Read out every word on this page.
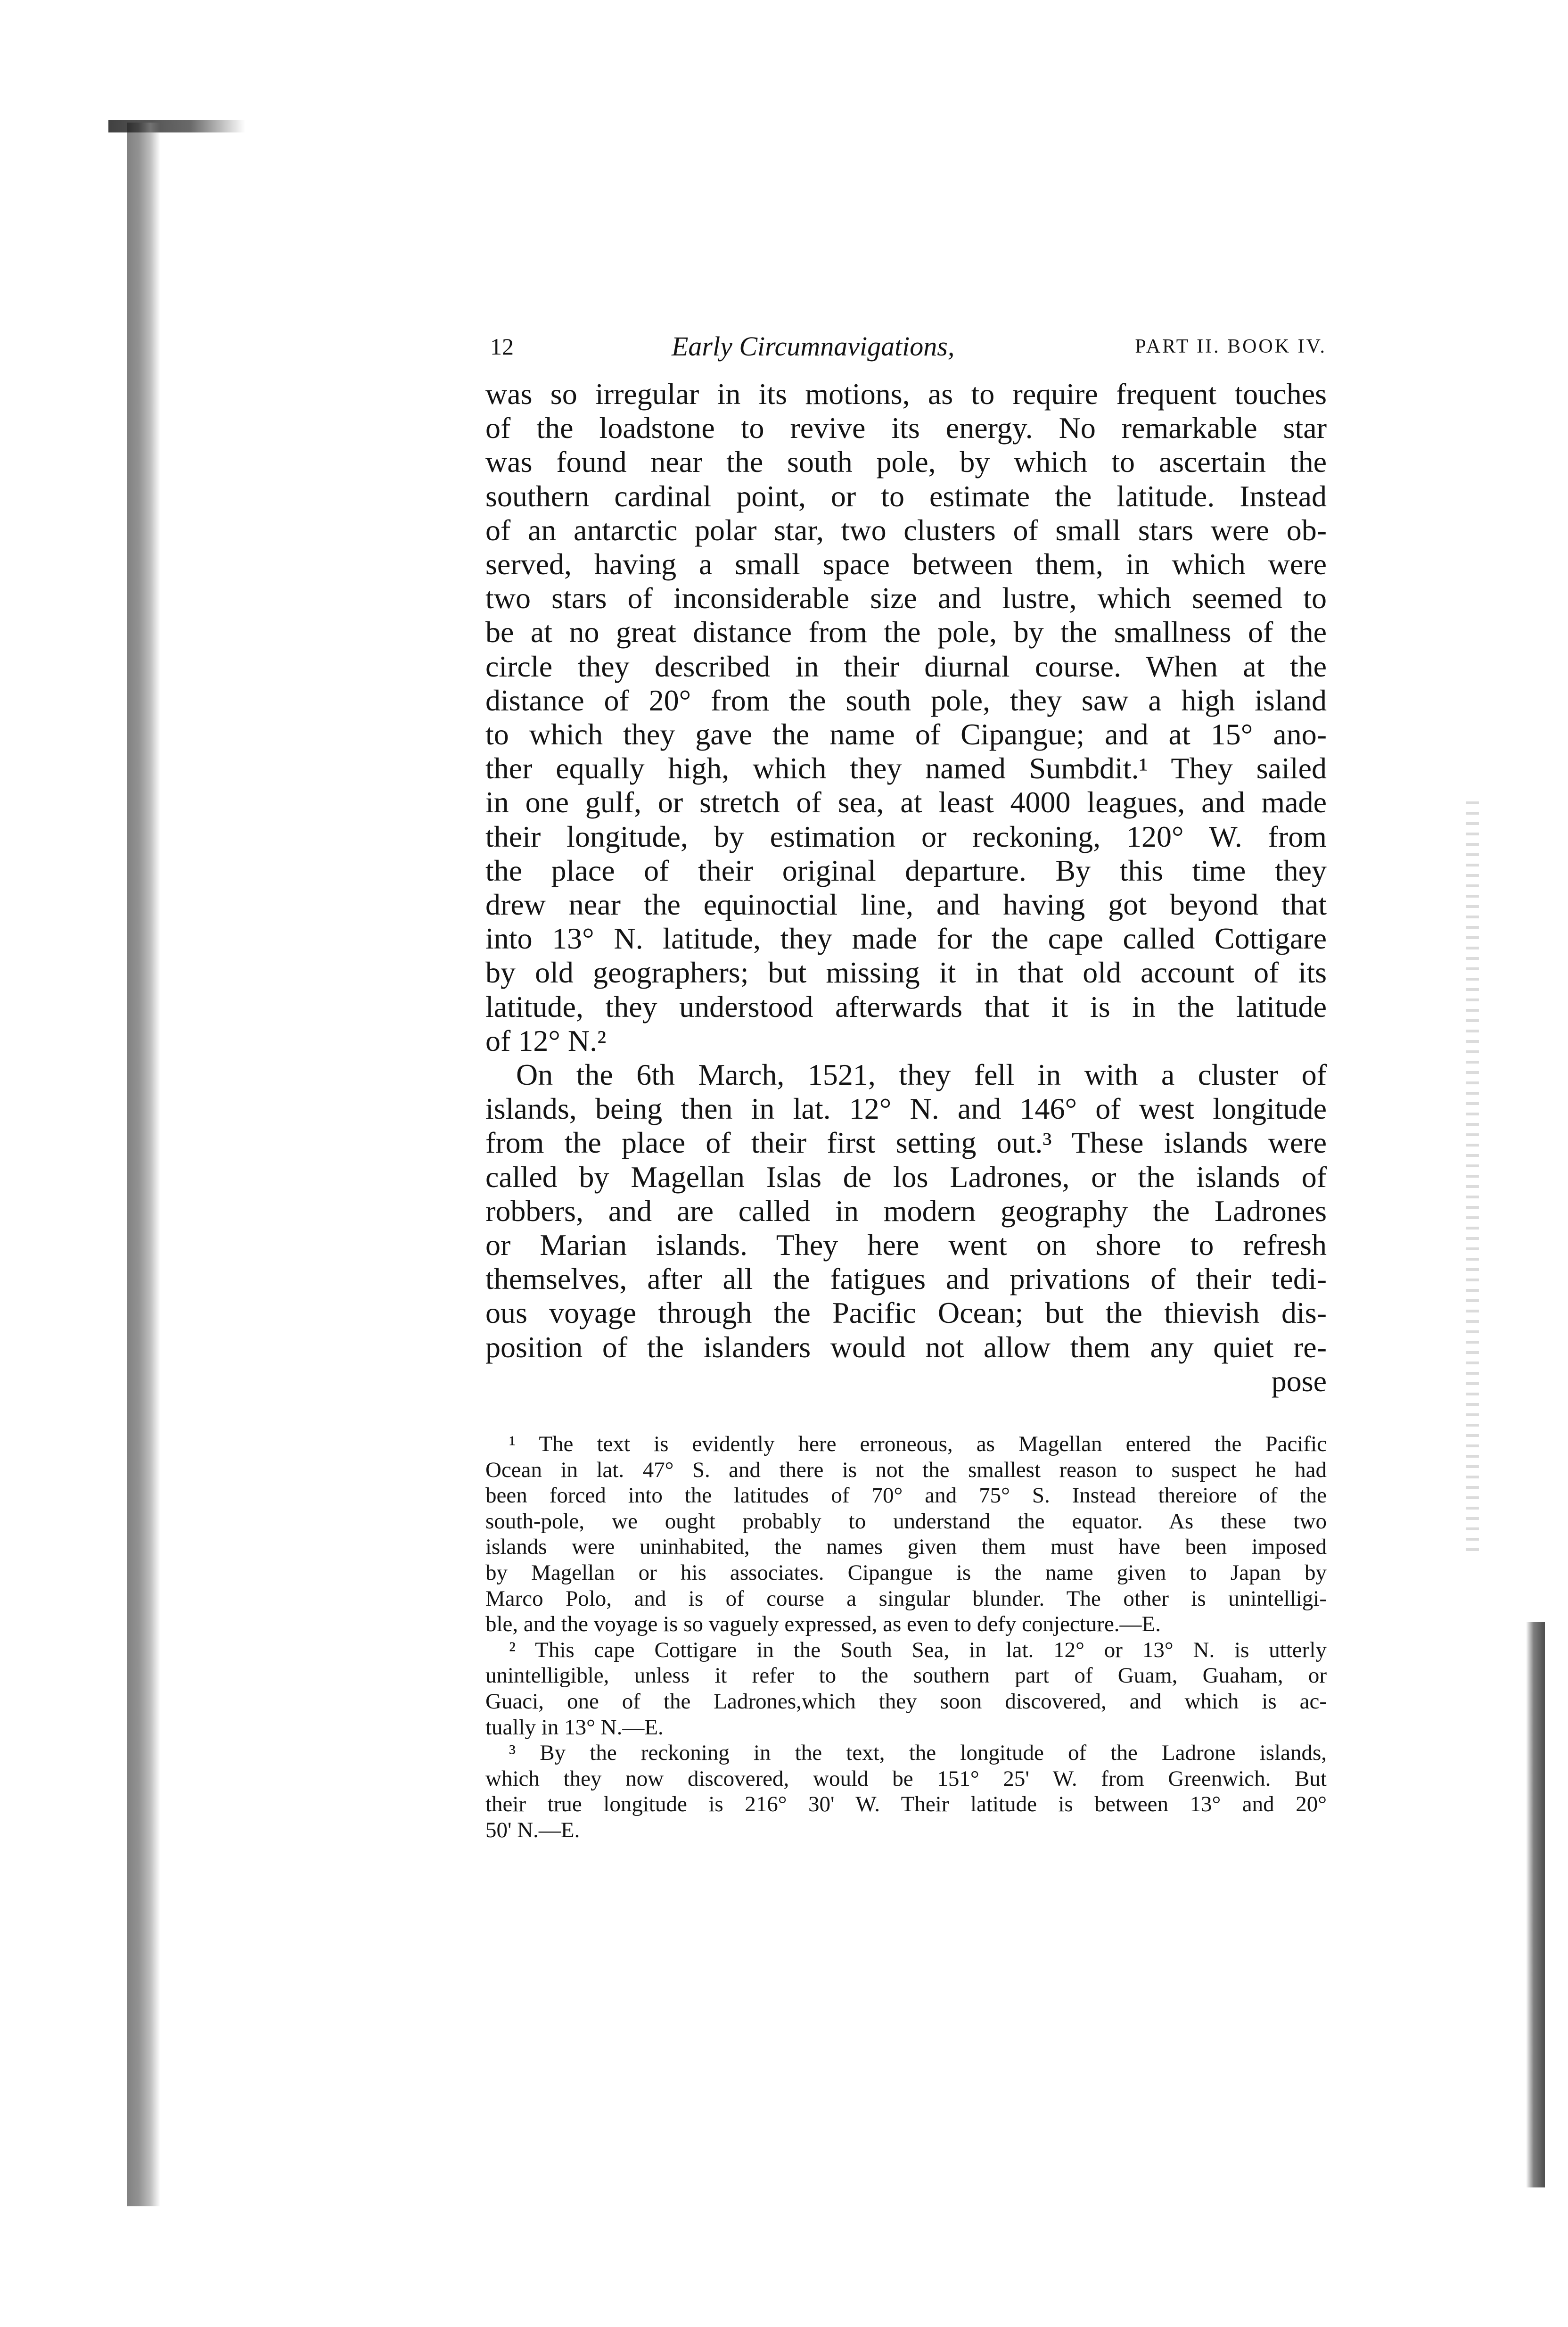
12	Early Circumnavigations,	PART II. BOOK IV.
was so irregular in its motions, as to require frequent touches
of the loadstone to revive its energy. No remarkable star
was found near the south pole, by which to ascertain the
southern cardinal point, or to estimate the latitude. Instead
of an antarctic polar star, two clusters of small stars were ob-
served, having a small space between them, in which were
two stars of inconsiderable size and lustre, which seemed to
be at no great distance from the pole, by the smallness of the
circle they described in their diurnal course. When at the
distance of 20° from the south pole, they saw a high island
to which they gave the name of Cipangue; and at 15° ano-
ther equally high, which they named Sumbdit.¹ They sailed
in one gulf, or stretch of sea, at least 4000 leagues, and made
their longitude, by estimation or reckoning, 120° W. from
the place of their original departure. By this time they
drew near the equinoctial line, and having got beyond that
into 13° N. latitude, they made for the cape called Cottigare
by old geographers; but missing it in that old account of its
latitude, they understood afterwards that it is in the latitude
of 12° N.²
On the 6th March, 1521, they fell in with a cluster of
islands, being then in lat. 12° N. and 146° of west longitude
from the place of their first setting out.³ These islands were
called by Magellan Islas de los Ladrones, or the islands of
robbers, and are called in modern geography the Ladrones
or Marian islands. They here went on shore to refresh
themselves, after all the fatigues and privations of their tedi-
ous voyage through the Pacific Ocean; but the thievish dis-
position of the islanders would not allow them any quiet re-
pose
¹ The text is evidently here erroneous, as Magellan entered the Pacific
Ocean in lat. 47° S. and there is not the smallest reason to suspect he had
been forced into the latitudes of 70° and 75° S. Instead thereiore of the
south-pole, we ought probably to understand the equator. As these two
islands were uninhabited, the names given them must have been imposed
by Magellan or his associates. Cipangue is the name given to Japan by
Marco Polo, and is of course a singular blunder. The other is unintelligi-
ble, and the voyage is so vaguely expressed, as even to defy conjecture.—E.
² This cape Cottigare in the South Sea, in lat. 12° or 13° N. is utterly
unintelligible, unless it refer to the southern part of Guam, Guaham, or
Guaci, one of the Ladrones,which they soon discovered, and which is ac-
tually in 13° N.—E.
³ By the reckoning in the text, the longitude of the Ladrone islands,
which they now discovered, would be 151° 25' W. from Greenwich. But
their true longitude is 216° 30' W. Their latitude is between 13° and 20°
50' N.—E.
